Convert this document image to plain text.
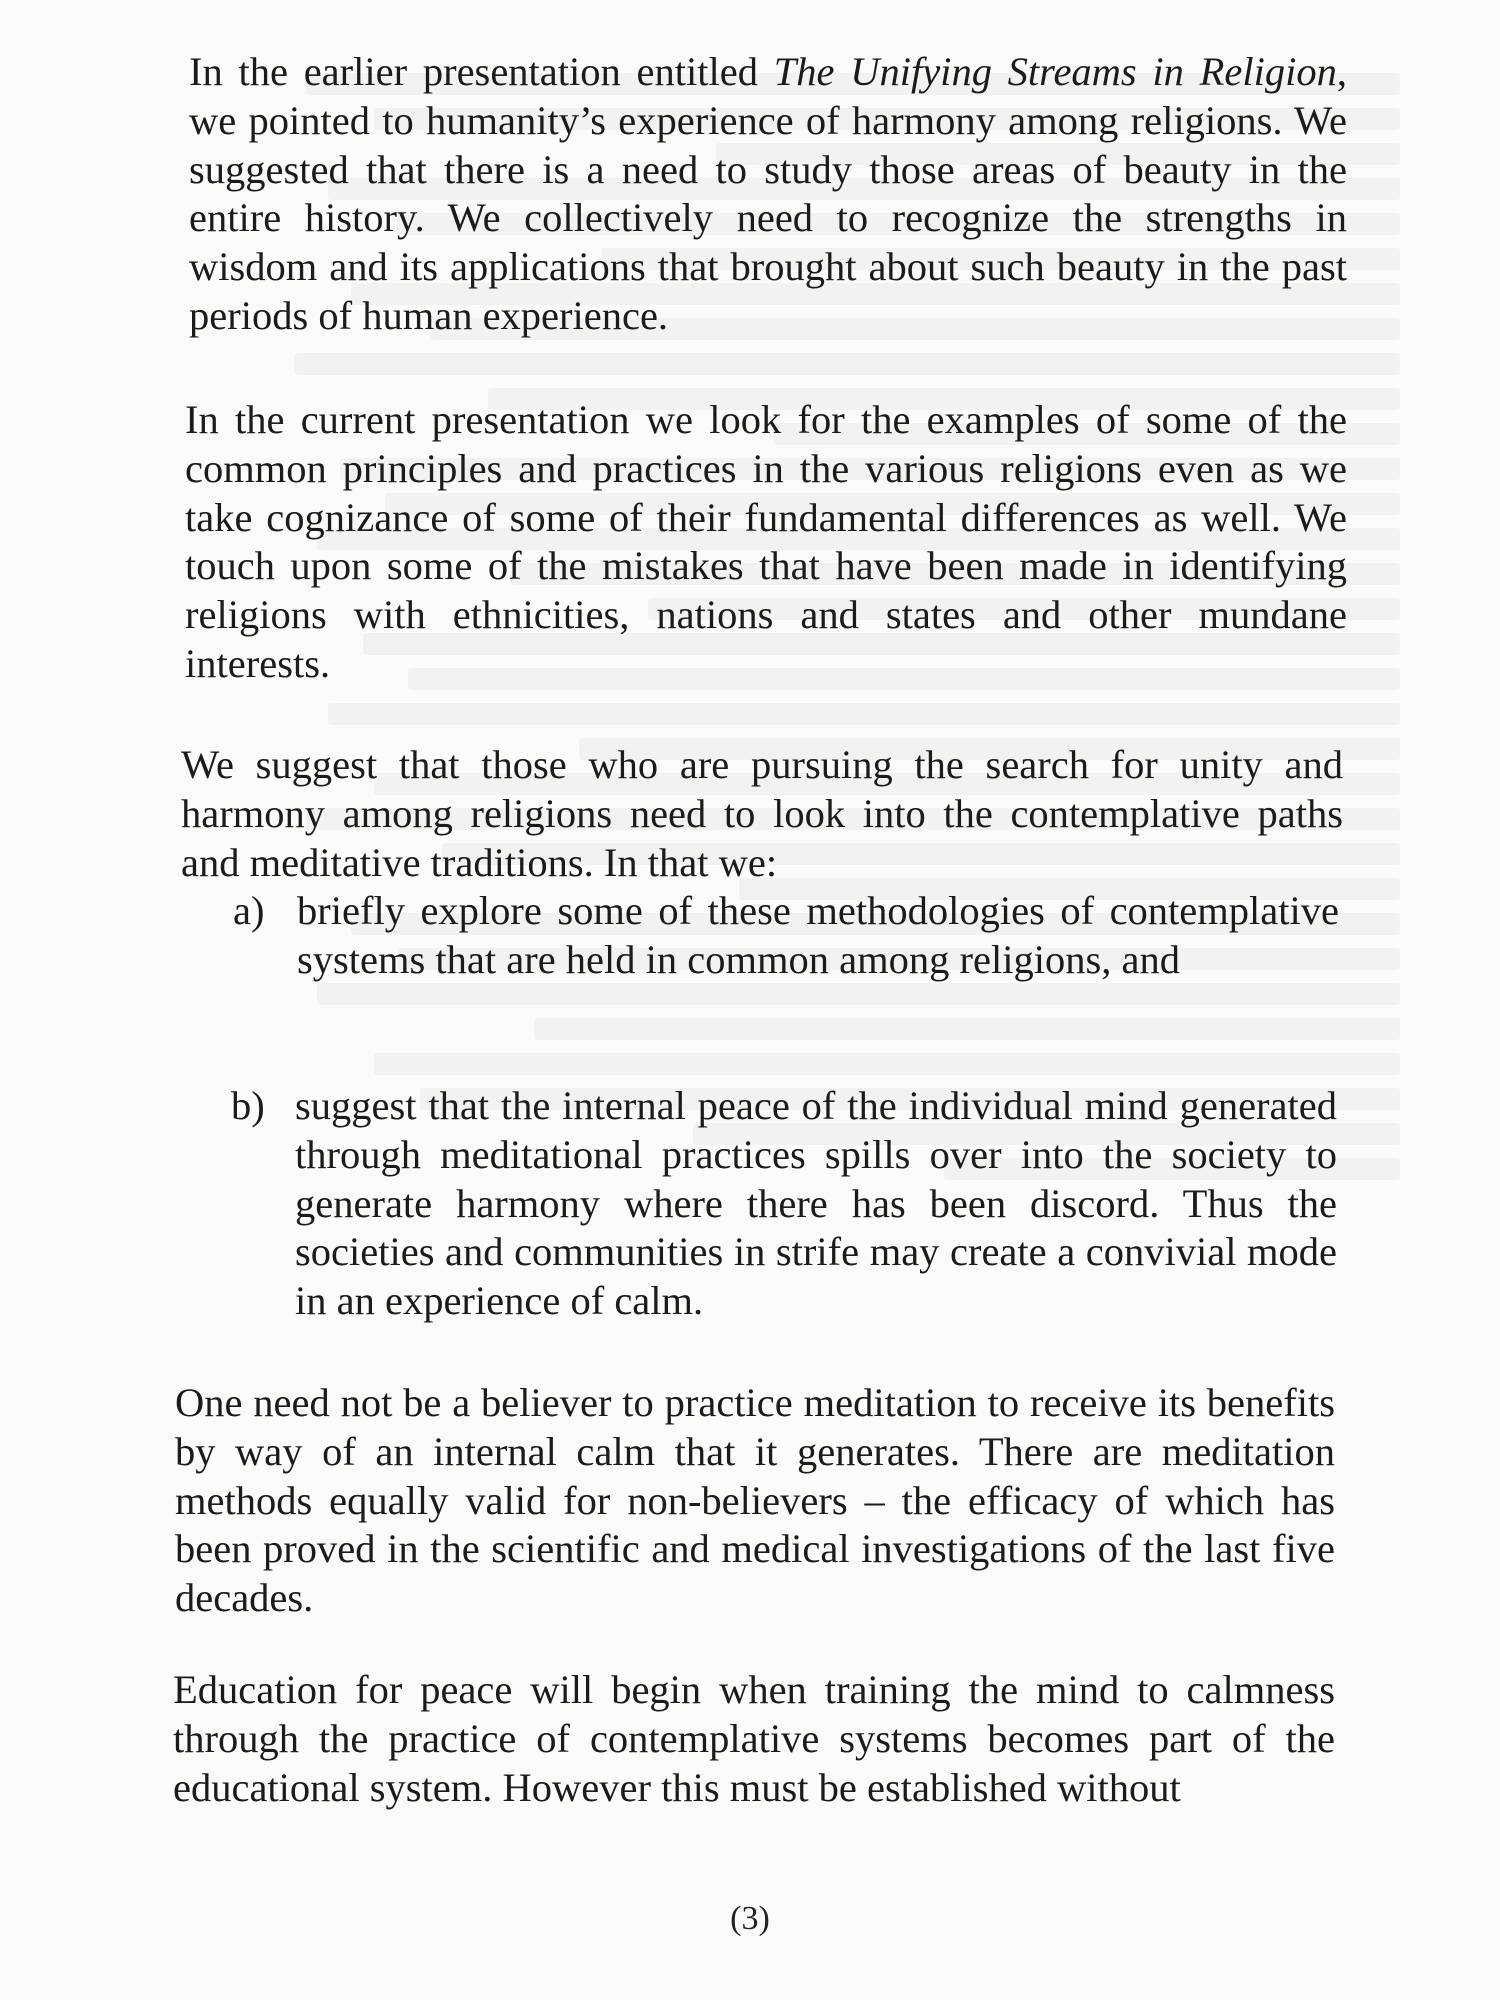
In the earlier presentation entitled The Unifying Streams in Religion, we pointed to humanity’s experience of harmony among religions. We suggested that there is a need to study those areas of beauty in the entire history. We collectively need to recognize the strengths in wisdom and its applications that brought about such beauty in the past periods of human experience.

In the current presentation we look for the examples of some of the common principles and practices in the various religions even as we take cognizance of some of their fundamental differences as well. We touch upon some of the mistakes that have been made in identifying religions with ethnicities, nations and states and other mundane interests.

We suggest that those who are pursuing the search for unity and harmony among religions need to look into the contemplative paths and meditative traditions. In that we:

a) briefly explore some of these methodologies of contemplative systems that are held in common among religions, and
b) suggest that the internal peace of the individual mind generated through meditational practices spills over into the society to generate harmony where there has been discord. Thus the societies and communities in strife may create a convivial mode in an experience of calm.

One need not be a believer to practice meditation to receive its benefits by way of an internal calm that it generates. There are meditation methods equally valid for non-believers – the efficacy of which has been proved in the scientific and medical investigations of the last five decades.

Education for peace will begin when training the mind to calmness through the practice of contemplative systems becomes part of the educational system. However this must be established without

(3)
